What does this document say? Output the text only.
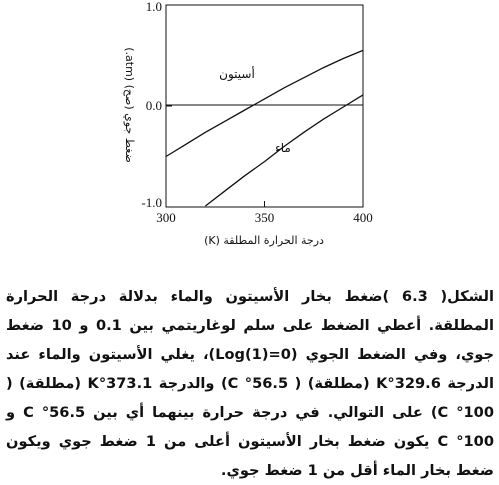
-1.0
0.0
1.0
300	350	400
أسيتون
ماء
درجة الحرارة المطلقة (K)
ضغط جوي (صح) (atm.)
الشكل( 6.3 )ضغط بخار الأسيتون والماء بدلالة درجة الحرارة المطلقة. أعطي الضغط على سلم لوغاريتمي بين 0.1 و 10 ضغط جوي، وفي الضغط الجوي (Log(1)=0)، يغلي الأسيتون والماء عند الدرجة 329.6°K (مطلقة) ( 56.5° C) والدرجة 373.1°K (مطلقة) ( 100° C) على التوالي. في درجة حرارة بينهما أي بين 56.5° C و 100° C يكون ضغط بخار الأسيتون أعلى من 1 ضغط جوي ويكون ضغط بخار الماء أقل من 1 ضغط جوي.
